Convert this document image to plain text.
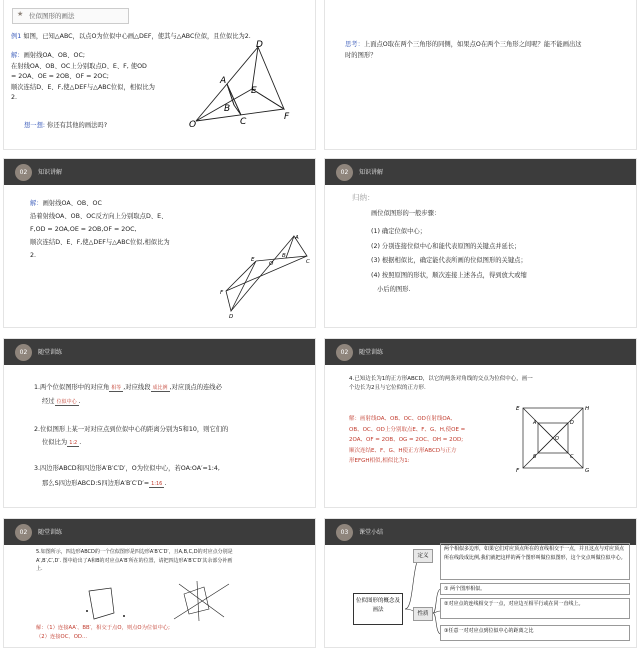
★ 位似图形的画法
例1 如图，已知△ABC，以点O为位似中心画△DEF，使其与△ABC位似，且位似比为2.
解：画射线OA、OB、OC;
在射线OA、OB、OC上分别取点D、E、F, 使OD
= 2OA、OE = 2OB、OF = 2OC;
顺次连结D、E、F,使△DEF与△ABC位似，相似比为
2.
想一想: 你还有其他的画法吗?	O
A
B
C
D
E
F
思考：上面点O取在两个三角形的同侧，如果点O在两个三角形之间呢？能不能画出这时的图形？
02	知识讲解
解：画射线OA、OB、OC
沿着射线OA、OB、OC反方向上分别取点D、E、
F,OD = 2OA,OE = 2OB,OF = 2OC,
顺次连结D、E、F,使△DEF与△ABC位似,相似比为
2.
A
B
C
O
E
F
D
02	知识讲解
归纳：
画位似图形的一般步骤：
(1) 确定位似中心；
(2) 分别连接位似中心和能代表原图的关键点并延长；
(3) 根据相似比，确定能代表所画的位似图形的关键点；
(4) 按照原图的形状，顺次连接上述各点，得到放大或缩
小后的图形.
02	随堂训练
1.两个位似图形中的对应角 相等 ,对应线段 成比例 ,对应顶点的连线必
经过 位似中心 .
2.位似图形上某一对对应点到位似中心的距离分别为5和10，则它们的
位似比为 1:2 .
3.四边形ABCD和四边形A′B′C′D′，O为位似中心，若OA:OA′=1:4,
那么S四边形ABCD:S四边形A′B′C′D′= 1:16 .
02	随堂训练
4.已知边长为1的正方形ABCD，以它的两条对角线的交点为位似中心，画一
个边长为2且与它位似的正方形.
解：画射线OA、OB、OC、OD在射线OA、
OB、OC、OD上分别取点E、F、G、H,使OE =
2OA、OF = 2OB、OG = 2OC、OH = 2OD;
顺次连结E、F、G、H使正方形ABCD与正方
形EFGH相似,相似比为1:
E	H
F	G
A	D
B	C
O
02	随堂训练
5.如图所示，四边形ABCD的一个位似图形是四边形A′B′C′D′，且A,B,C,D的对应点分别是
A′,B′,C′,D′. 图中给出了A和B的对应点A′B′所在的位置，请把四边形A′B′C′D′其余部分补画
上.
解：（1）连接AA′、BB′，相交于点O，则点O为位似中心;
（2）连接OC、OD...
03	课堂小结
位似图形的概念及画法
定义
两个相似多边形，如果它们对应顶点所在的直线相交于一点，并且这点与对应顶点所在线段成比例,我们就把这样的两个图形叫做位似图形，这个交点叫做位似中心。
性质
① 两个图形相似。
②对应点的连线相交于一点，对应边互相平行或在同一直线上。
③任意一对对应点到位似中心的距离之比
